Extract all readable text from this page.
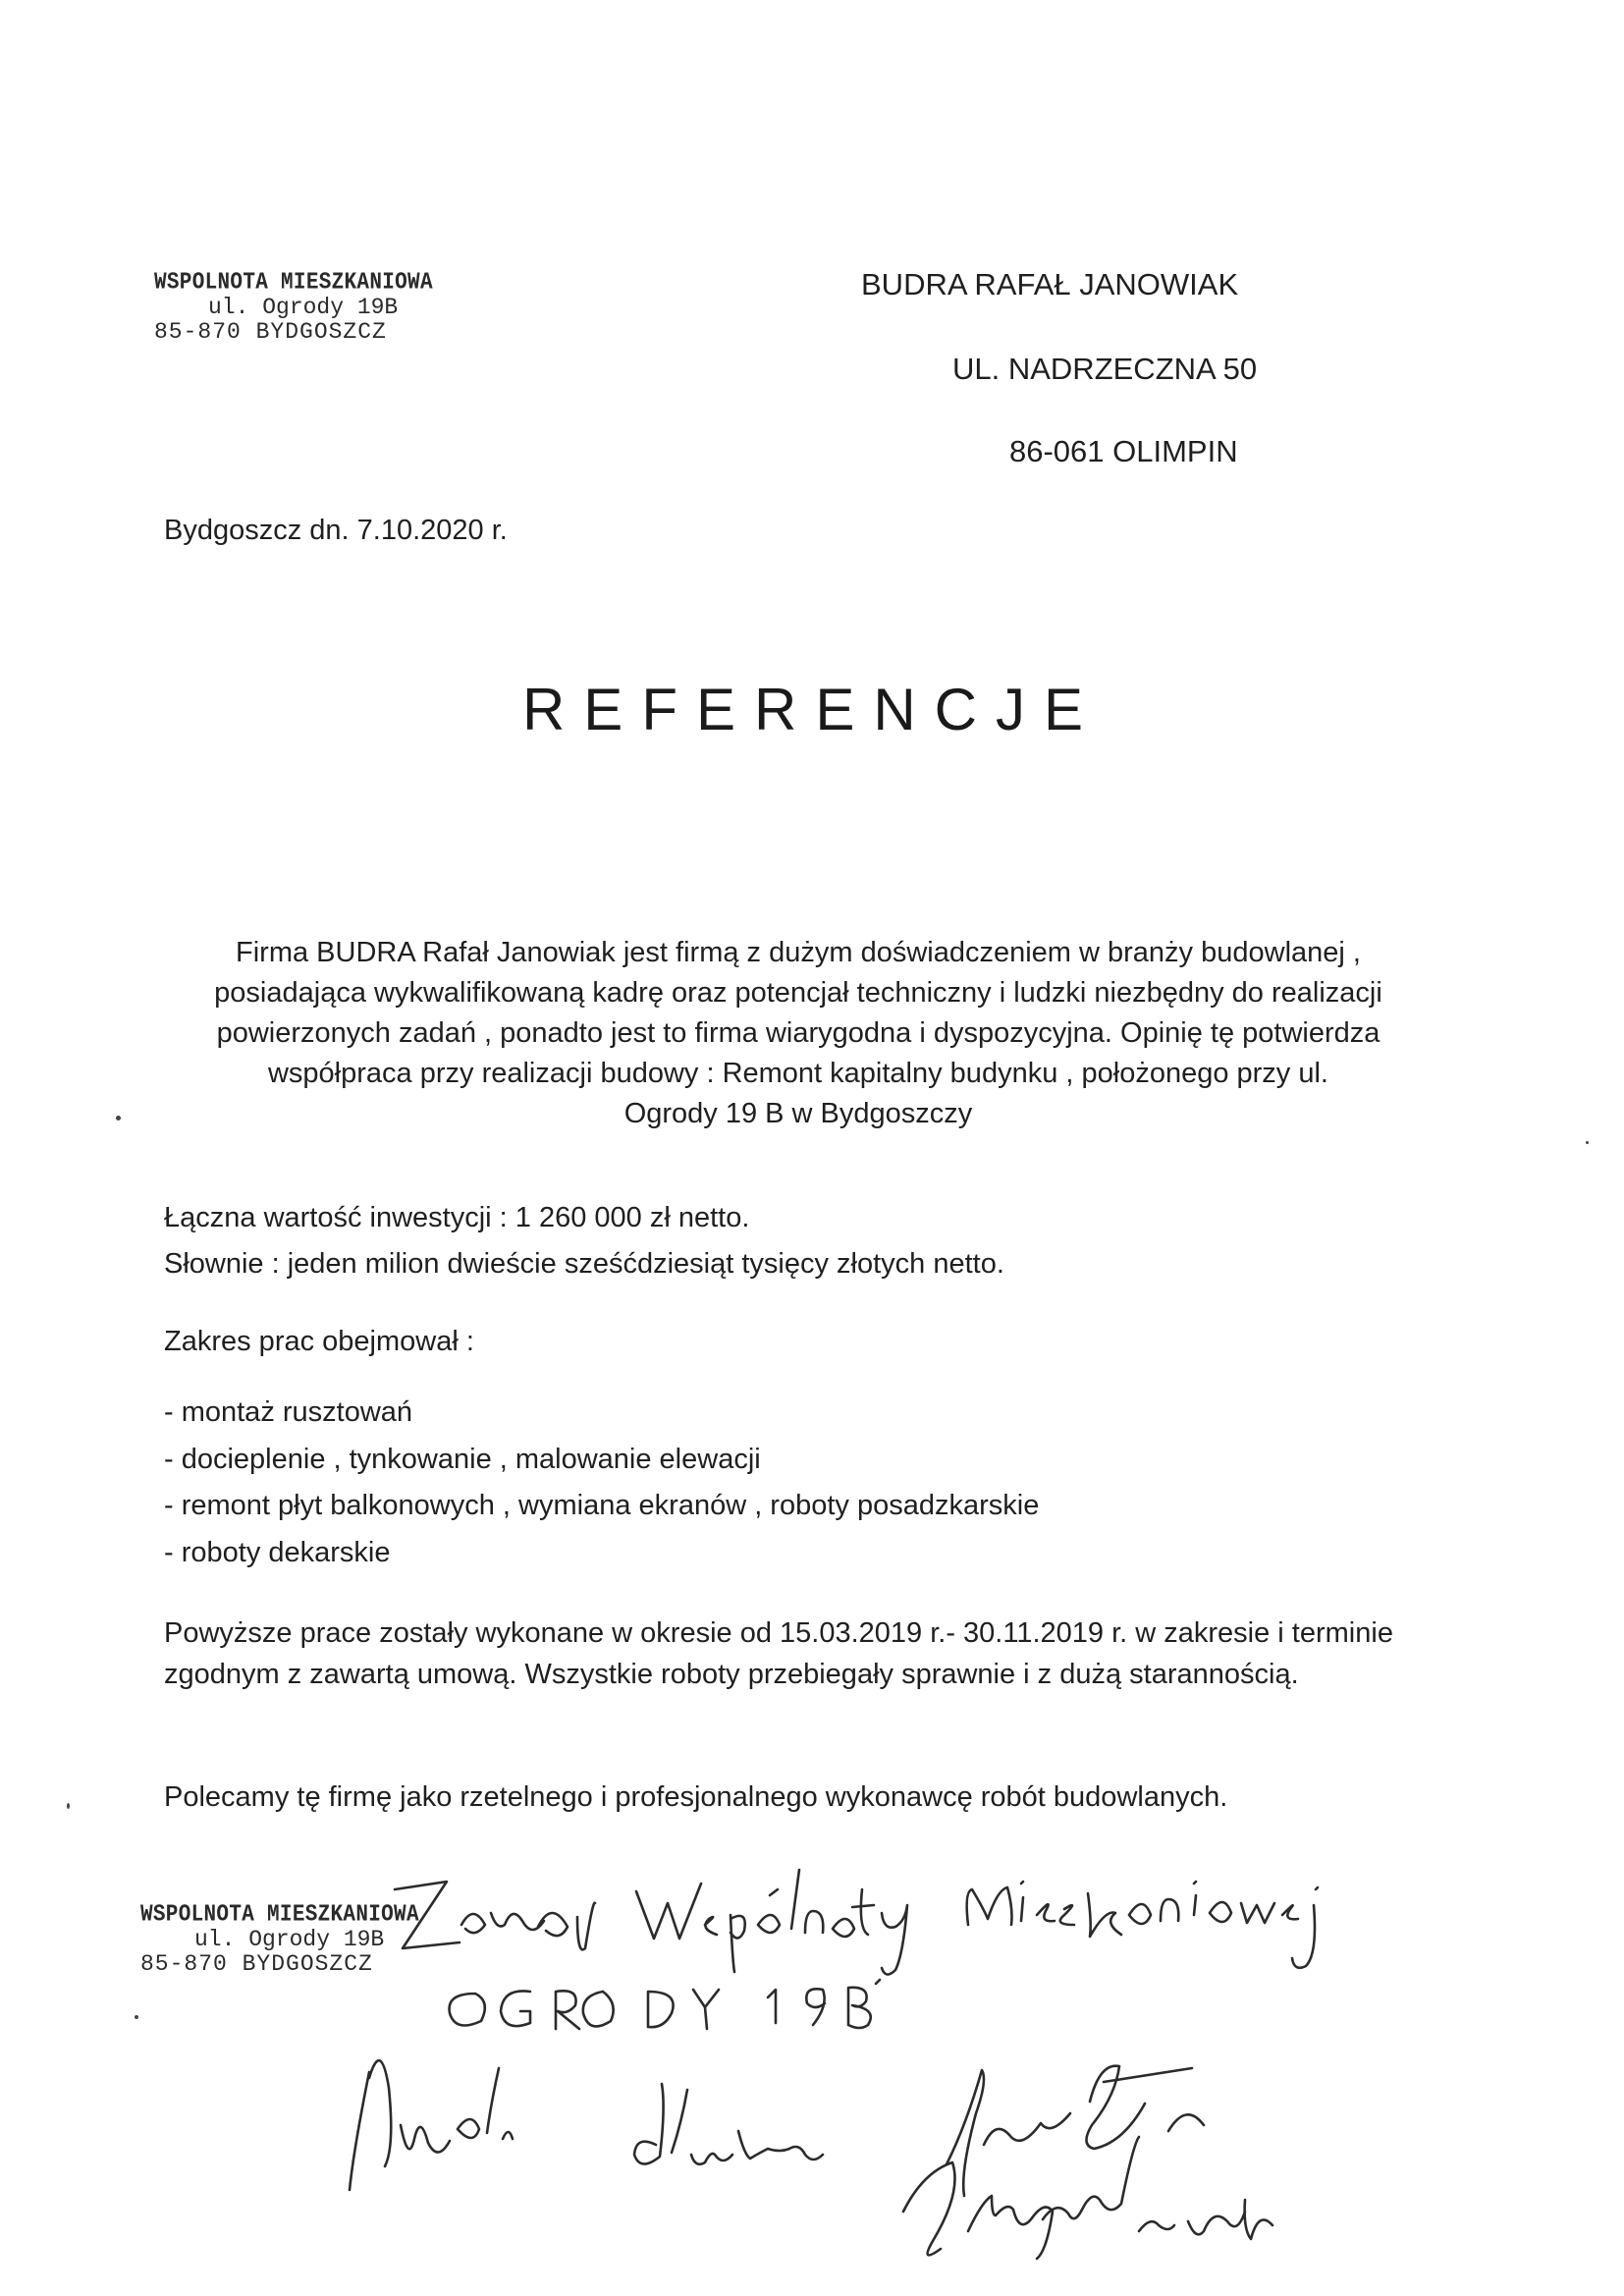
WSPOLNOTA MIESZKANIOWA
ul. Ogrody 19B
85-870 BYDGOSZCZ
BUDRA RAFAŁ JANOWIAK
UL. NADRZECZNA 50
86-061 OLIMPIN
Bydgoszcz dn. 7.10.2020 r.
REFERENCJE
Firma BUDRA Rafał Janowiak jest firmą z dużym doświadczeniem w branży budowlanej ,
posiadająca wykwalifikowaną kadrę oraz potencjał techniczny i ludzki niezbędny do realizacji
powierzonych zadań , ponadto jest to firma wiarygodna i dyspozycyjna. Opinię tę potwierdza
współpraca przy realizacji budowy : Remont kapitalny budynku , położonego przy ul.
Ogrody 19 B w Bydgoszczy
Łączna wartość inwestycji : 1 260 000 zł netto.
Słownie : jeden milion dwieście sześćdziesiąt tysięcy złotych netto.
Zakres prac obejmował :
- montaż rusztowań
- docieplenie , tynkowanie , malowanie elewacji
- remont płyt balkonowych , wymiana ekranów , roboty posadzkarskie
- roboty dekarskie
Powyższe prace zostały wykonane w okresie od 15.03.2019 r.- 30.11.2019 r. w zakresie i terminie zgodnym z zawartą umową. Wszystkie roboty przebiegały sprawnie i z dużą starannością.
Polecamy tę firmę jako rzetelnego i profesjonalnego wykonawcę robót budowlanych.
WSPOLNOTA MIESZKANIOWA
ul. Ogrody 19B
85-870 BYDGOSZCZ
